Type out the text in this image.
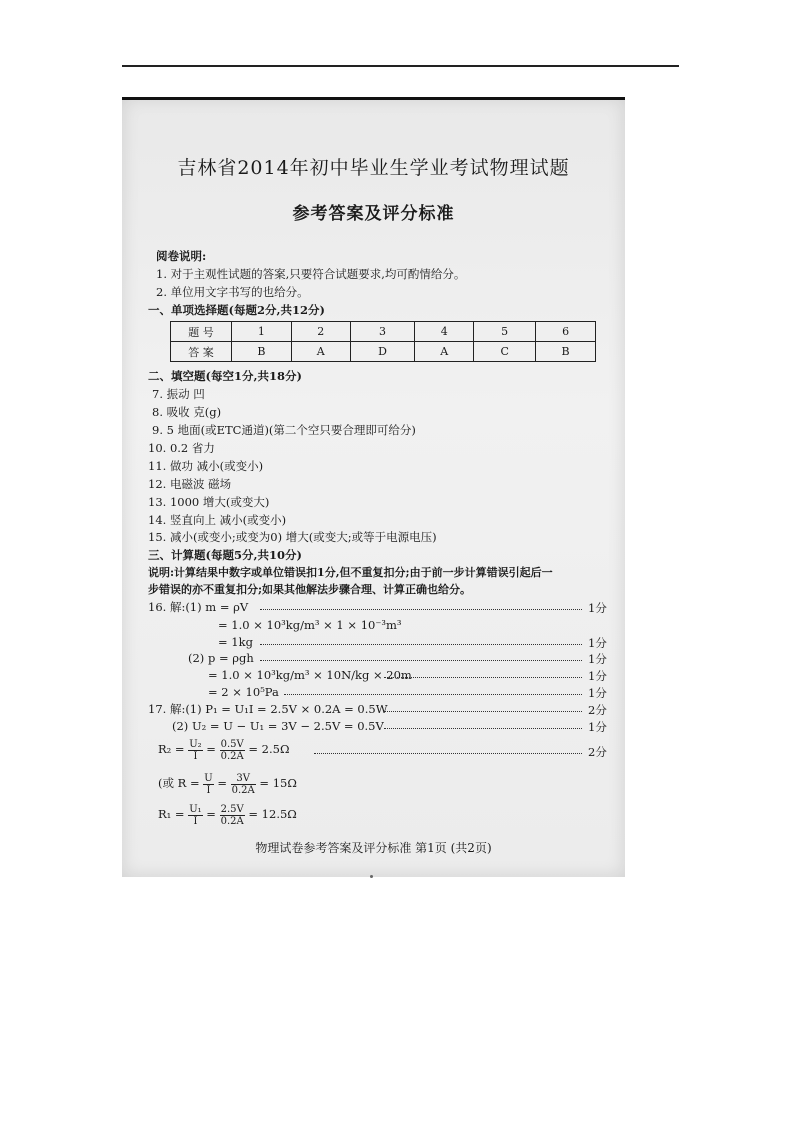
吉林省2014年初中毕业生学业考试物理试题
参考答案及评分标准
阅卷说明:
1. 对于主观性试题的答案,只要符合试题要求,均可酌情给分。
2. 单位用文字书写的也给分。
一、单项选择题(每题2分,共12分)
题 号	1	2	3	4	5	6
答 案	B	A	D	A	C	B
二、填空题(每空1分,共18分)
7. 振动 凹
8. 吸收 克(g)
9. 5 地面(或ETC通道)(第二个空只要合理即可给分)
10. 0.2 省力
11. 做功 减小(或变小)
12. 电磁波 磁场
13. 1000 增大(或变大)
14. 竖直向上 减小(或变小)
15. 减小(或变小;或变为0) 增大(或变大;或等于电源电压)
三、计算题(每题5分,共10分)
说明:计算结果中数字或单位错误扣1分,但不重复扣分;由于前一步计算错误引起后一
步错误的亦不重复扣分;如果其他解法步骤合理、计算正确也给分。
16. 解:(1) m = ρV	1分
= 1.0 × 10³kg/m³ × 1 × 10⁻³m³
= 1kg	1分
(2) p = ρgh	1分
= 1.0 × 10³kg/m³ × 10N/kg × 20m	1分
= 2 × 10⁵Pa	1分
17. 解:(1) P₁ = U₁I = 2.5V × 0.2A = 0.5W	2分
(2) U₂ = U − U₁ = 3V − 2.5V = 0.5V	1分
$R_2 = \frac{\text{U₂}}{I} = \frac{0.5V}{0.2A} = 2.5\Omega$	2分
(或 $R = \frac{U}{I} = \frac{3V}{0.2A} = 15\Omega$
$R_1 = \frac{\text{U₁}}{I} = \frac{2.5V}{0.2A} = 12.5\Omega$
物理试卷参考答案及评分标准 第1页 (共2页)
